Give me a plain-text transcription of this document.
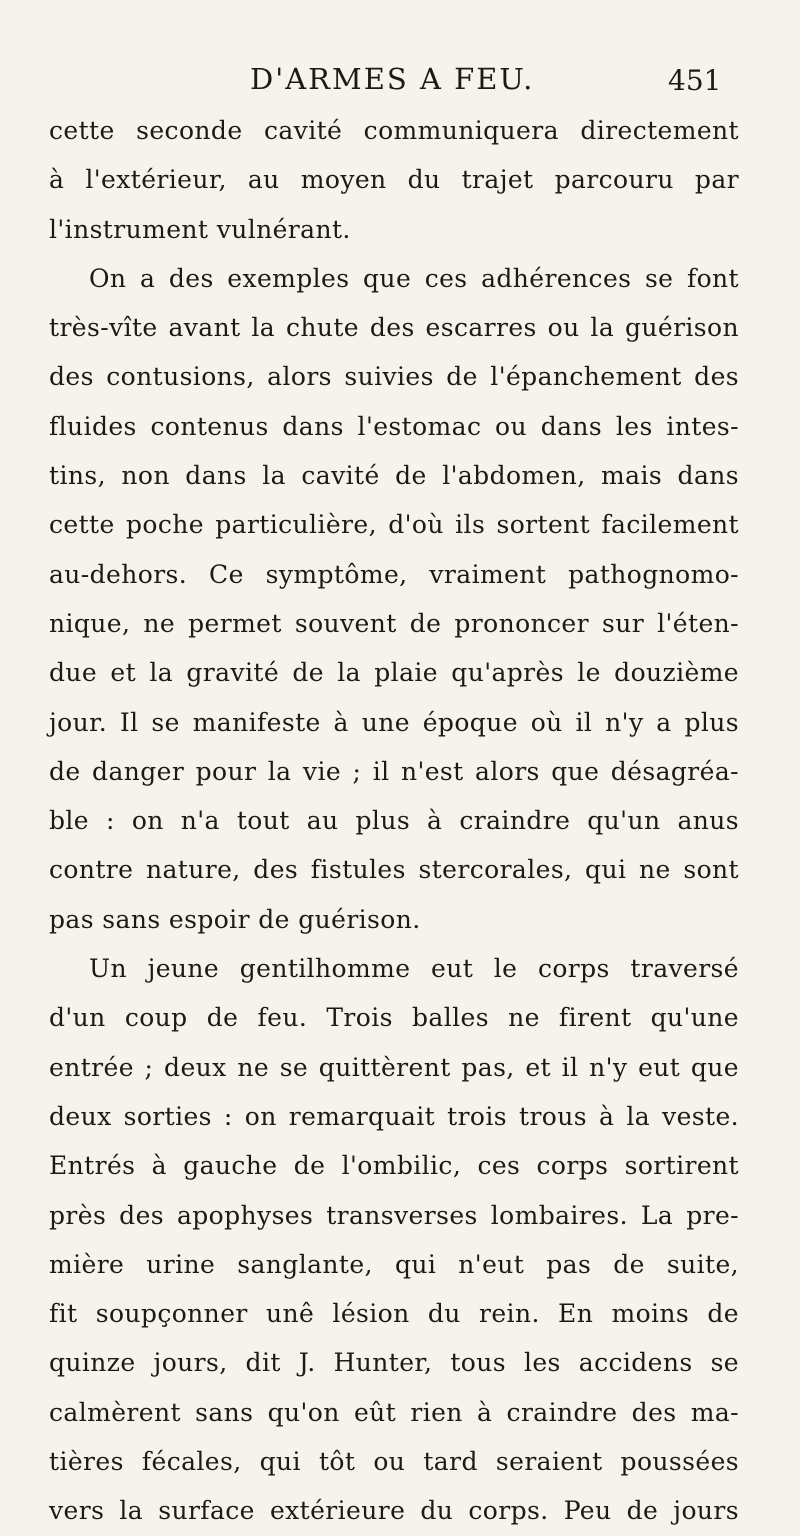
D'ARMES A FEU.	451
cette seconde cavité communiquera directement
à l'extérieur, au moyen du trajet parcouru par
l'instrument vulnérant.
On a des exemples que ces adhérences se font
très-vîte avant la chute des escarres ou la guérison
des contusions, alors suivies de l'épanchement des
fluides contenus dans l'estomac ou dans les intes-
tins, non dans la cavité de l'abdomen, mais dans
cette poche particulière, d'où ils sortent facilement
au-dehors. Ce symptôme, vraiment pathognomo-
nique, ne permet souvent de prononcer sur l'éten-
due et la gravité de la plaie qu'après le douzième
jour. Il se manifeste à une époque où il n'y a plus
de danger pour la vie ; il n'est alors que désagréa-
ble : on n'a tout au plus à craindre qu'un anus
contre nature, des fistules stercorales, qui ne sont
pas sans espoir de guérison.
Un jeune gentilhomme eut le corps traversé
d'un coup de feu. Trois balles ne firent qu'une
entrée ; deux ne se quittèrent pas, et il n'y eut que
deux sorties : on remarquait trois trous à la veste.
Entrés à gauche de l'ombilic, ces corps sortirent
près des apophyses transverses lombaires. La pre-
mière urine sanglante, qui n'eut pas de suite,
fit soupçonner unê lésion du rein. En moins de
quinze jours, dit J. Hunter, tous les accidens se
calmèrent sans qu'on eût rien à craindre des ma-
tières fécales, qui tôt ou tard seraient poussées
vers la surface extérieure du corps. Peu de jours
